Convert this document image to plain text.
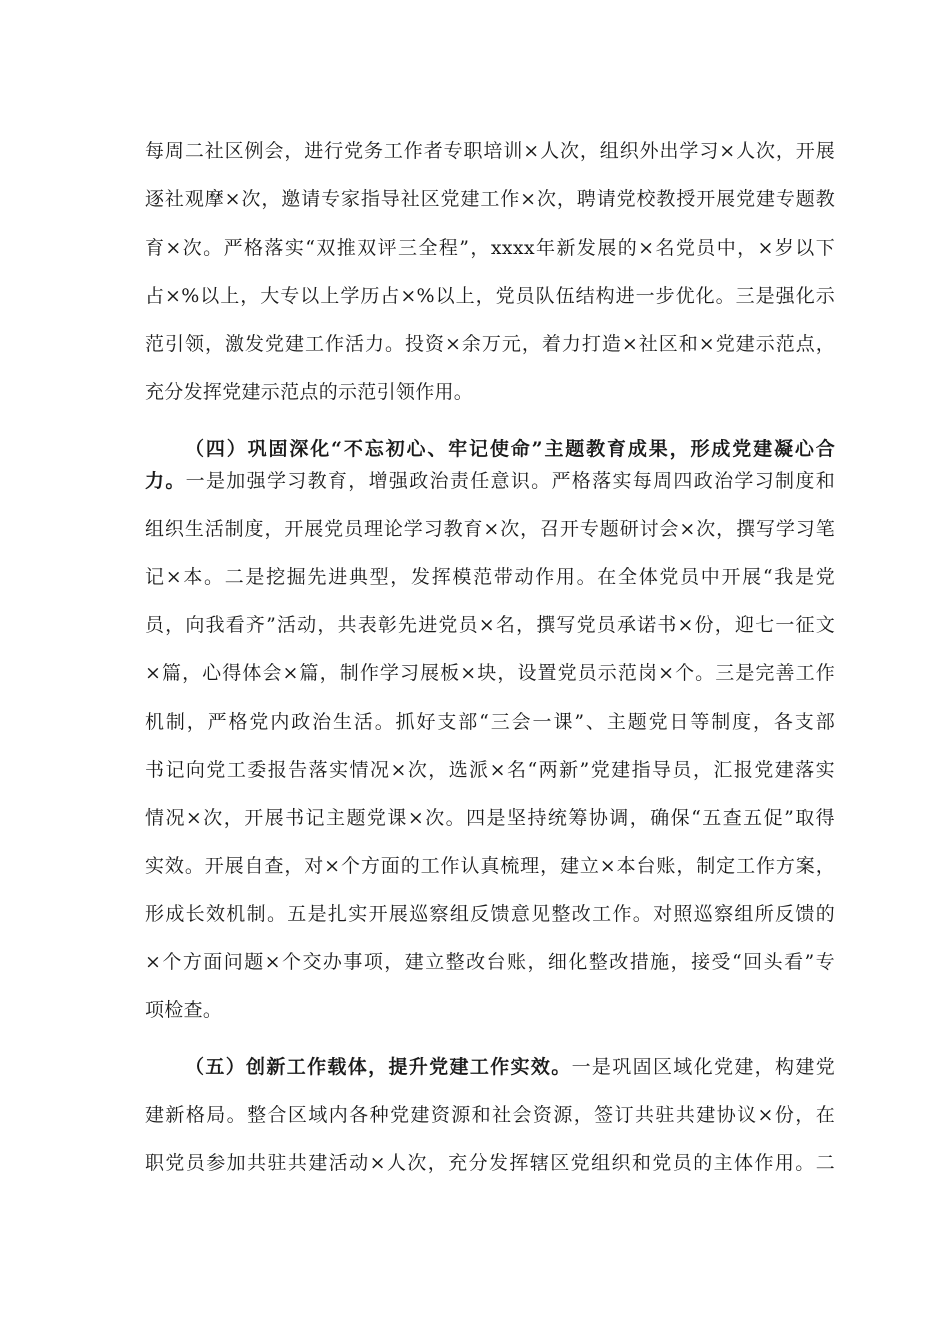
每周二社区例会，进行党务工作者专职培训×人次，组织外出学习×人次，开展
逐社观摩×次，邀请专家指导社区党建工作×次，聘请党校教授开展党建专题教
育×次。严格落实“双推双评三全程”，xxxx年新发展的×名党员中，×岁以下
占×%以上，大专以上学历占×%以上，党员队伍结构进一步优化。三是强化示
范引领，激发党建工作活力。投资×余万元，着力打造×社区和×党建示范点，
充分发挥党建示范点的示范引领作用。
（四）巩固深化“不忘初心、牢记使命”主题教育成果，形成党建凝心合
力。一是加强学习教育，增强政治责任意识。严格落实每周四政治学习制度和
组织生活制度，开展党员理论学习教育×次，召开专题研讨会×次，撰写学习笔
记×本。二是挖掘先进典型，发挥模范带动作用。在全体党员中开展“我是党
员，向我看齐”活动，共表彰先进党员×名，撰写党员承诺书×份，迎七一征文
×篇，心得体会×篇，制作学习展板×块，设置党员示范岗×个。三是完善工作
机制，严格党内政治生活。抓好支部“三会一课”、主题党日等制度，各支部
书记向党工委报告落实情况×次，选派×名“两新”党建指导员，汇报党建落实
情况×次，开展书记主题党课×次。四是坚持统筹协调，确保“五查五促”取得
实效。开展自查，对×个方面的工作认真梳理，建立×本台账，制定工作方案，
形成长效机制。五是扎实开展巡察组反馈意见整改工作。对照巡察组所反馈的
×个方面问题×个交办事项，建立整改台账，细化整改措施，接受“回头看”专
项检查。
（五）创新工作载体，提升党建工作实效。一是巩固区域化党建，构建党
建新格局。整合区域内各种党建资源和社会资源，签订共驻共建协议×份，在
职党员参加共驻共建活动×人次，充分发挥辖区党组织和党员的主体作用。二
